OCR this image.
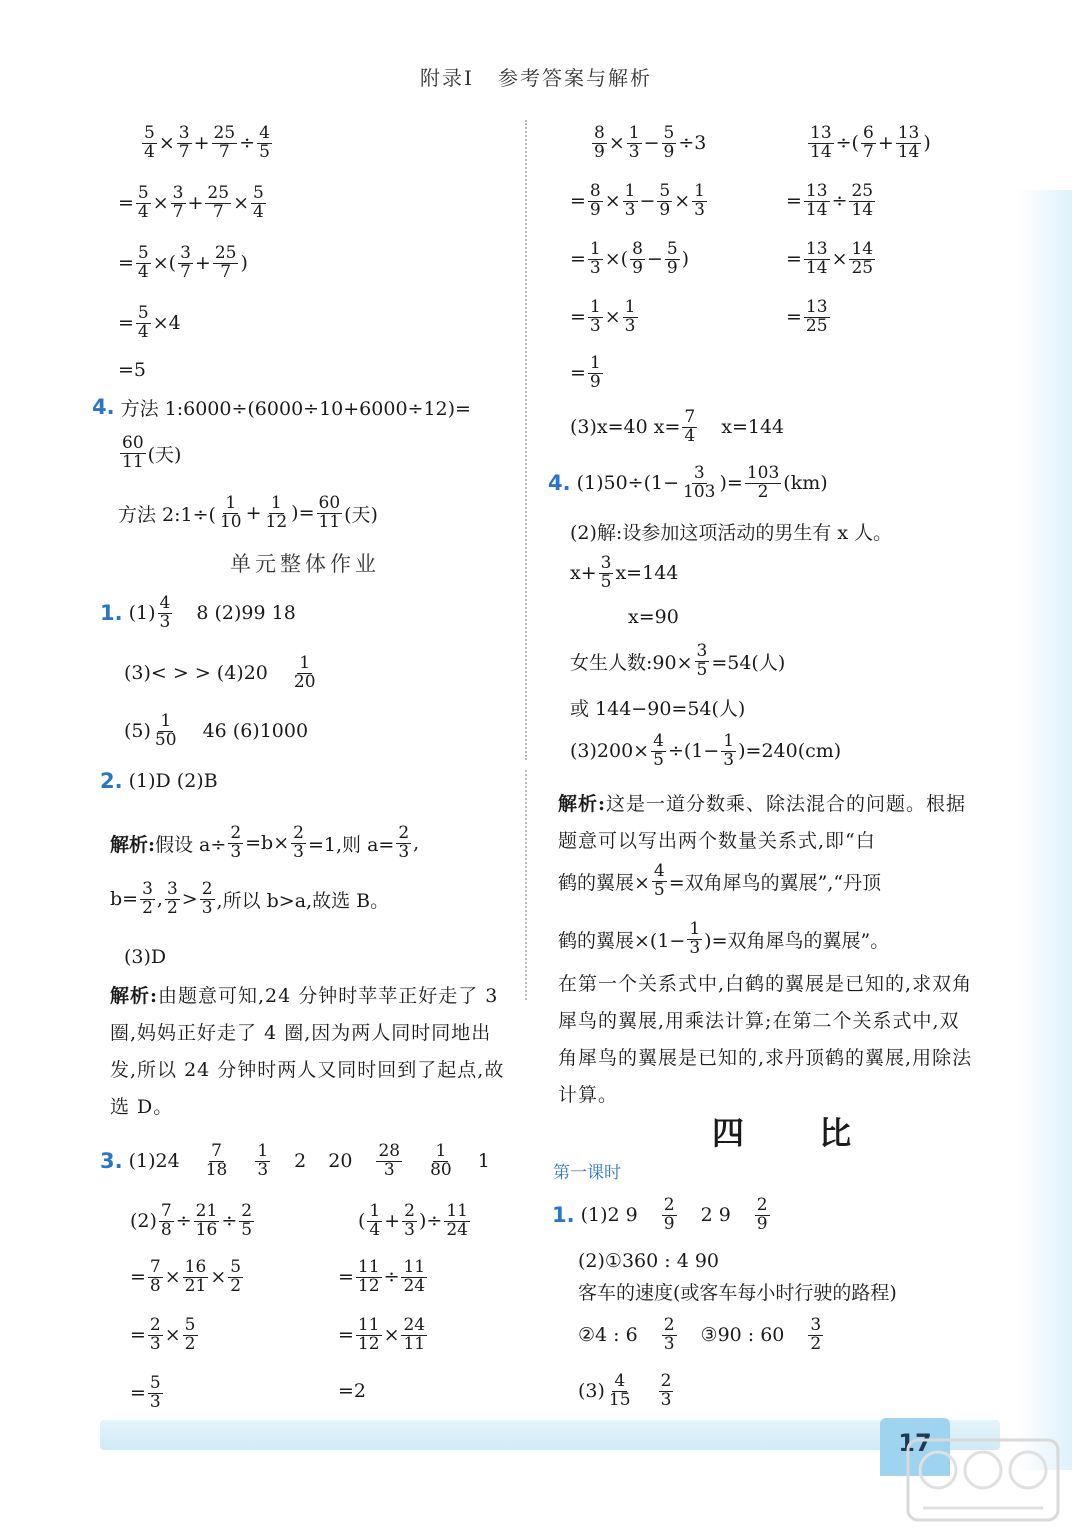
附录Ⅰ 参考答案与解析
$\frac{5}{4} \times \frac{3}{7} + \frac{25}{7} \div \frac{4}{5}$
= $\frac{5}{4} \times \frac{3}{7} + \frac{25}{7} \times \frac{5}{4}$
= $\frac{5}{4}$ ×( $\frac{3}{7} + \frac{25}{7}$ )
= $\frac{5}{4} \times 4$
=5
4. 方法 1:6000÷(6000÷10+6000÷12)=
$\frac{60}{11}$ (天)
方法 2:1÷( $\frac{1}{10} + \frac{1}{12}$ )= $\frac{60}{11}$ (天)
单元整体作业
1. $(1) \frac{4}{3} 8$ (2)99 18
(3)< > > $(4)20 \frac{1}{20}$
$(5) \frac{1}{50} 46$ (6)1000
2. (1)D (2)B
解析: 假设 $a\div \frac{2}{3} =b\times \frac{2}{3} =1$,则 $a= \frac{2}{3}$ ,
$b= \frac{3}{2}$ , $\frac{3}{2} > \frac{2}{3}$ ,所以 b>a,故选 B。
(3)D
解析:由题意可知,24 分钟时苹苹正好走了 3 圈,妈妈正好走了 4 圈,因为两人同时同地出发,所以 24 分钟时两人又同时回到了起点,故选 D。
3. $(1)24 \frac{7}{18} \frac{1}{3} 2$ $20 \frac{28}{3} \frac{1}{80} 1$
$(2) \frac{7}{8} \div \frac{21}{16} \div \frac{2}{5}$	( $\frac{1}{4} + \frac{2}{3}$ )÷ $\frac{11}{24}$
= $\frac{7}{8} \times \frac{16}{21} \times \frac{5}{2}$	= $\frac{11}{12} \div \frac{11}{24}$
= $\frac{2}{3} \times \frac{5}{2}$	= $\frac{11}{12} \times \frac{24}{11}$
= $\frac{5}{3}$	=2
$\frac{8}{9} \times \frac{1}{3} - \frac{5}{9} \div 3$	$\frac{13}{14}$ ÷( $\frac{6}{7} + \frac{13}{14}$ )
= $\frac{8}{9} \times \frac{1}{3} - \frac{5}{9} \times \frac{1}{3}$	= $\frac{13}{14} \div \frac{25}{14}$
= $\frac{1}{3}$ ×( $\frac{8}{9} - \frac{5}{9}$ )	= $\frac{13}{14} \times \frac{14}{25}$
= $\frac{1}{3} \times \frac{1}{3}$	= $\frac{13}{25}$
= $\frac{1}{9}$
(3)x=40 $x= \frac{7}{4} x=144$
4. $(1)50\div(1- \frac{3}{103}$ )= $\frac{103}{2} (km)$
(2)解:设参加这项活动的男生有 x 人。
$x+ \frac{3}{5} x=144$
x=90
女生人数:90× $\frac{3}{5} =54$(人)
或 144−90=54(人)
$(3)200\times \frac{4}{5} \div(1- \frac{1}{3} )=240(cm)$
解析:这是一道分数乘、除法混合的问题。根据题意可以写出两个数量关系式,即“白
鹤的翼展× $\frac{4}{5}$ =双角犀鸟的翼展”,“丹顶
鹤的翼展$\times(1- \frac{1}{3}$ )=双角犀鸟的翼展”。
在第一个关系式中,白鹤的翼展是已知的,求双角犀鸟的翼展,用乘法计算;在第二个关系式中,双角犀鸟的翼展是已知的,求丹顶鹤的翼展,用除法计算。
四 比
第一课时
1. (1)2 $9 \frac{2}{9} 2$ $9 \frac{2}{9}$
(2)①360 : 4 90
客车的速度(或客车每小时行驶的路程)
②4 : $6 \frac{2}{3}$ ③90 : $60 \frac{3}{2}$
$(3) \frac{4}{15} \frac{2}{3}$
17
